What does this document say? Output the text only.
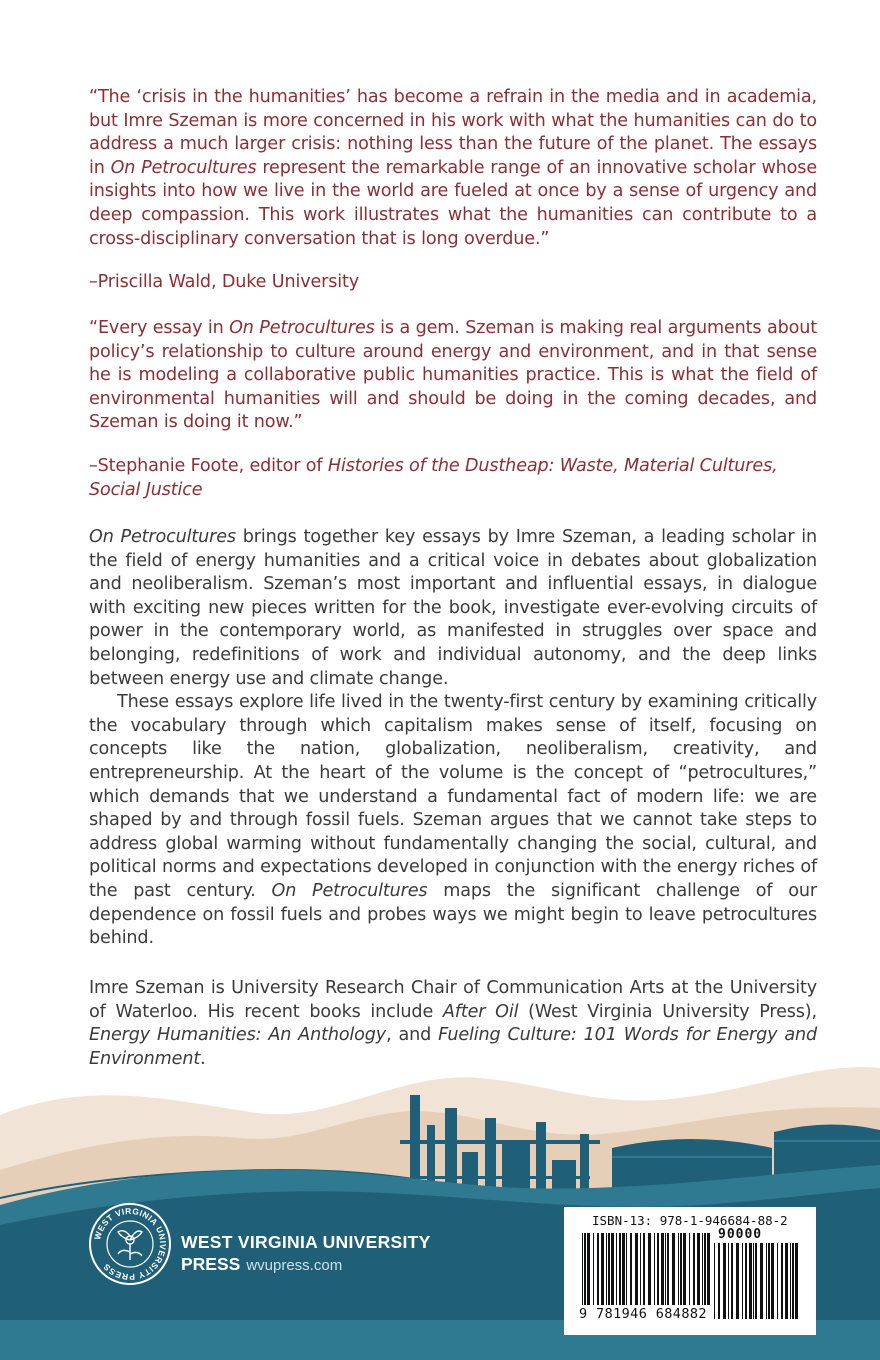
“The ‘crisis in the humanities’ has become a refrain in the media and in academia, but Imre Szeman is more concerned in his work with what the humanities can do to address a much larger crisis: nothing less than the future of the planet. The essays in On Petrocultures represent the remarkable range of an innovative scholar whose insights into how we live in the world are fueled at once by a sense of urgency and deep compassion. This work illustrates what the humanities can contribute to a cross-disciplinary conversation that is long overdue.”

–Priscilla Wald, Duke University

“Every essay in On Petrocultures is a gem. Szeman is making real arguments about policy’s relationship to culture around energy and environment, and in that sense he is modeling a collaborative public humanities practice. This is what the field of environmental humanities will and should be doing in the coming decades, and Szeman is doing it now.”

–Stephanie Foote, editor of Histories of the Dustheap: Waste, Material Cultures, Social Justice

On Petrocultures brings together key essays by Imre Szeman, a leading scholar in the field of energy humanities and a critical voice in debates about globalization and neoliberalism. Szeman’s most important and influential essays, in dialogue with exciting new pieces written for the book, investigate ever-evolving circuits of power in the contemporary world, as manifested in struggles over space and belonging, redefinitions of work and individual autonomy, and the deep links between energy use and climate change.

These essays explore life lived in the twenty-first century by examining critically the vocabulary through which capitalism makes sense of itself, focusing on concepts like the nation, globalization, neoliberalism, creativity, and entrepreneurship. At the heart of the volume is the concept of “petrocultures,” which demands that we understand a fundamental fact of modern life: we are shaped by and through fossil fuels. Szeman argues that we cannot take steps to address global warming without fundamentally changing the social, cultural, and political norms and expectations developed in conjunction with the energy riches of the past century. On Petrocultures maps the significant challenge of our dependence on fossil fuels and probes ways we might begin to leave petrocultures behind.

Imre Szeman is University Research Chair of Communication Arts at the University of Waterloo. His recent books include After Oil (West Virginia University Press), Energy Humanities: An Anthology, and Fueling Culture: 101 Words for Energy and Environment.

WEST VIRGINIA UNIVERSITY PRESS
WEST VIRGINIA UNIVERSITY
PRESS wvupress.com
ISBN-13: 978-1-946684-88-2
90000
9 781946 684882
